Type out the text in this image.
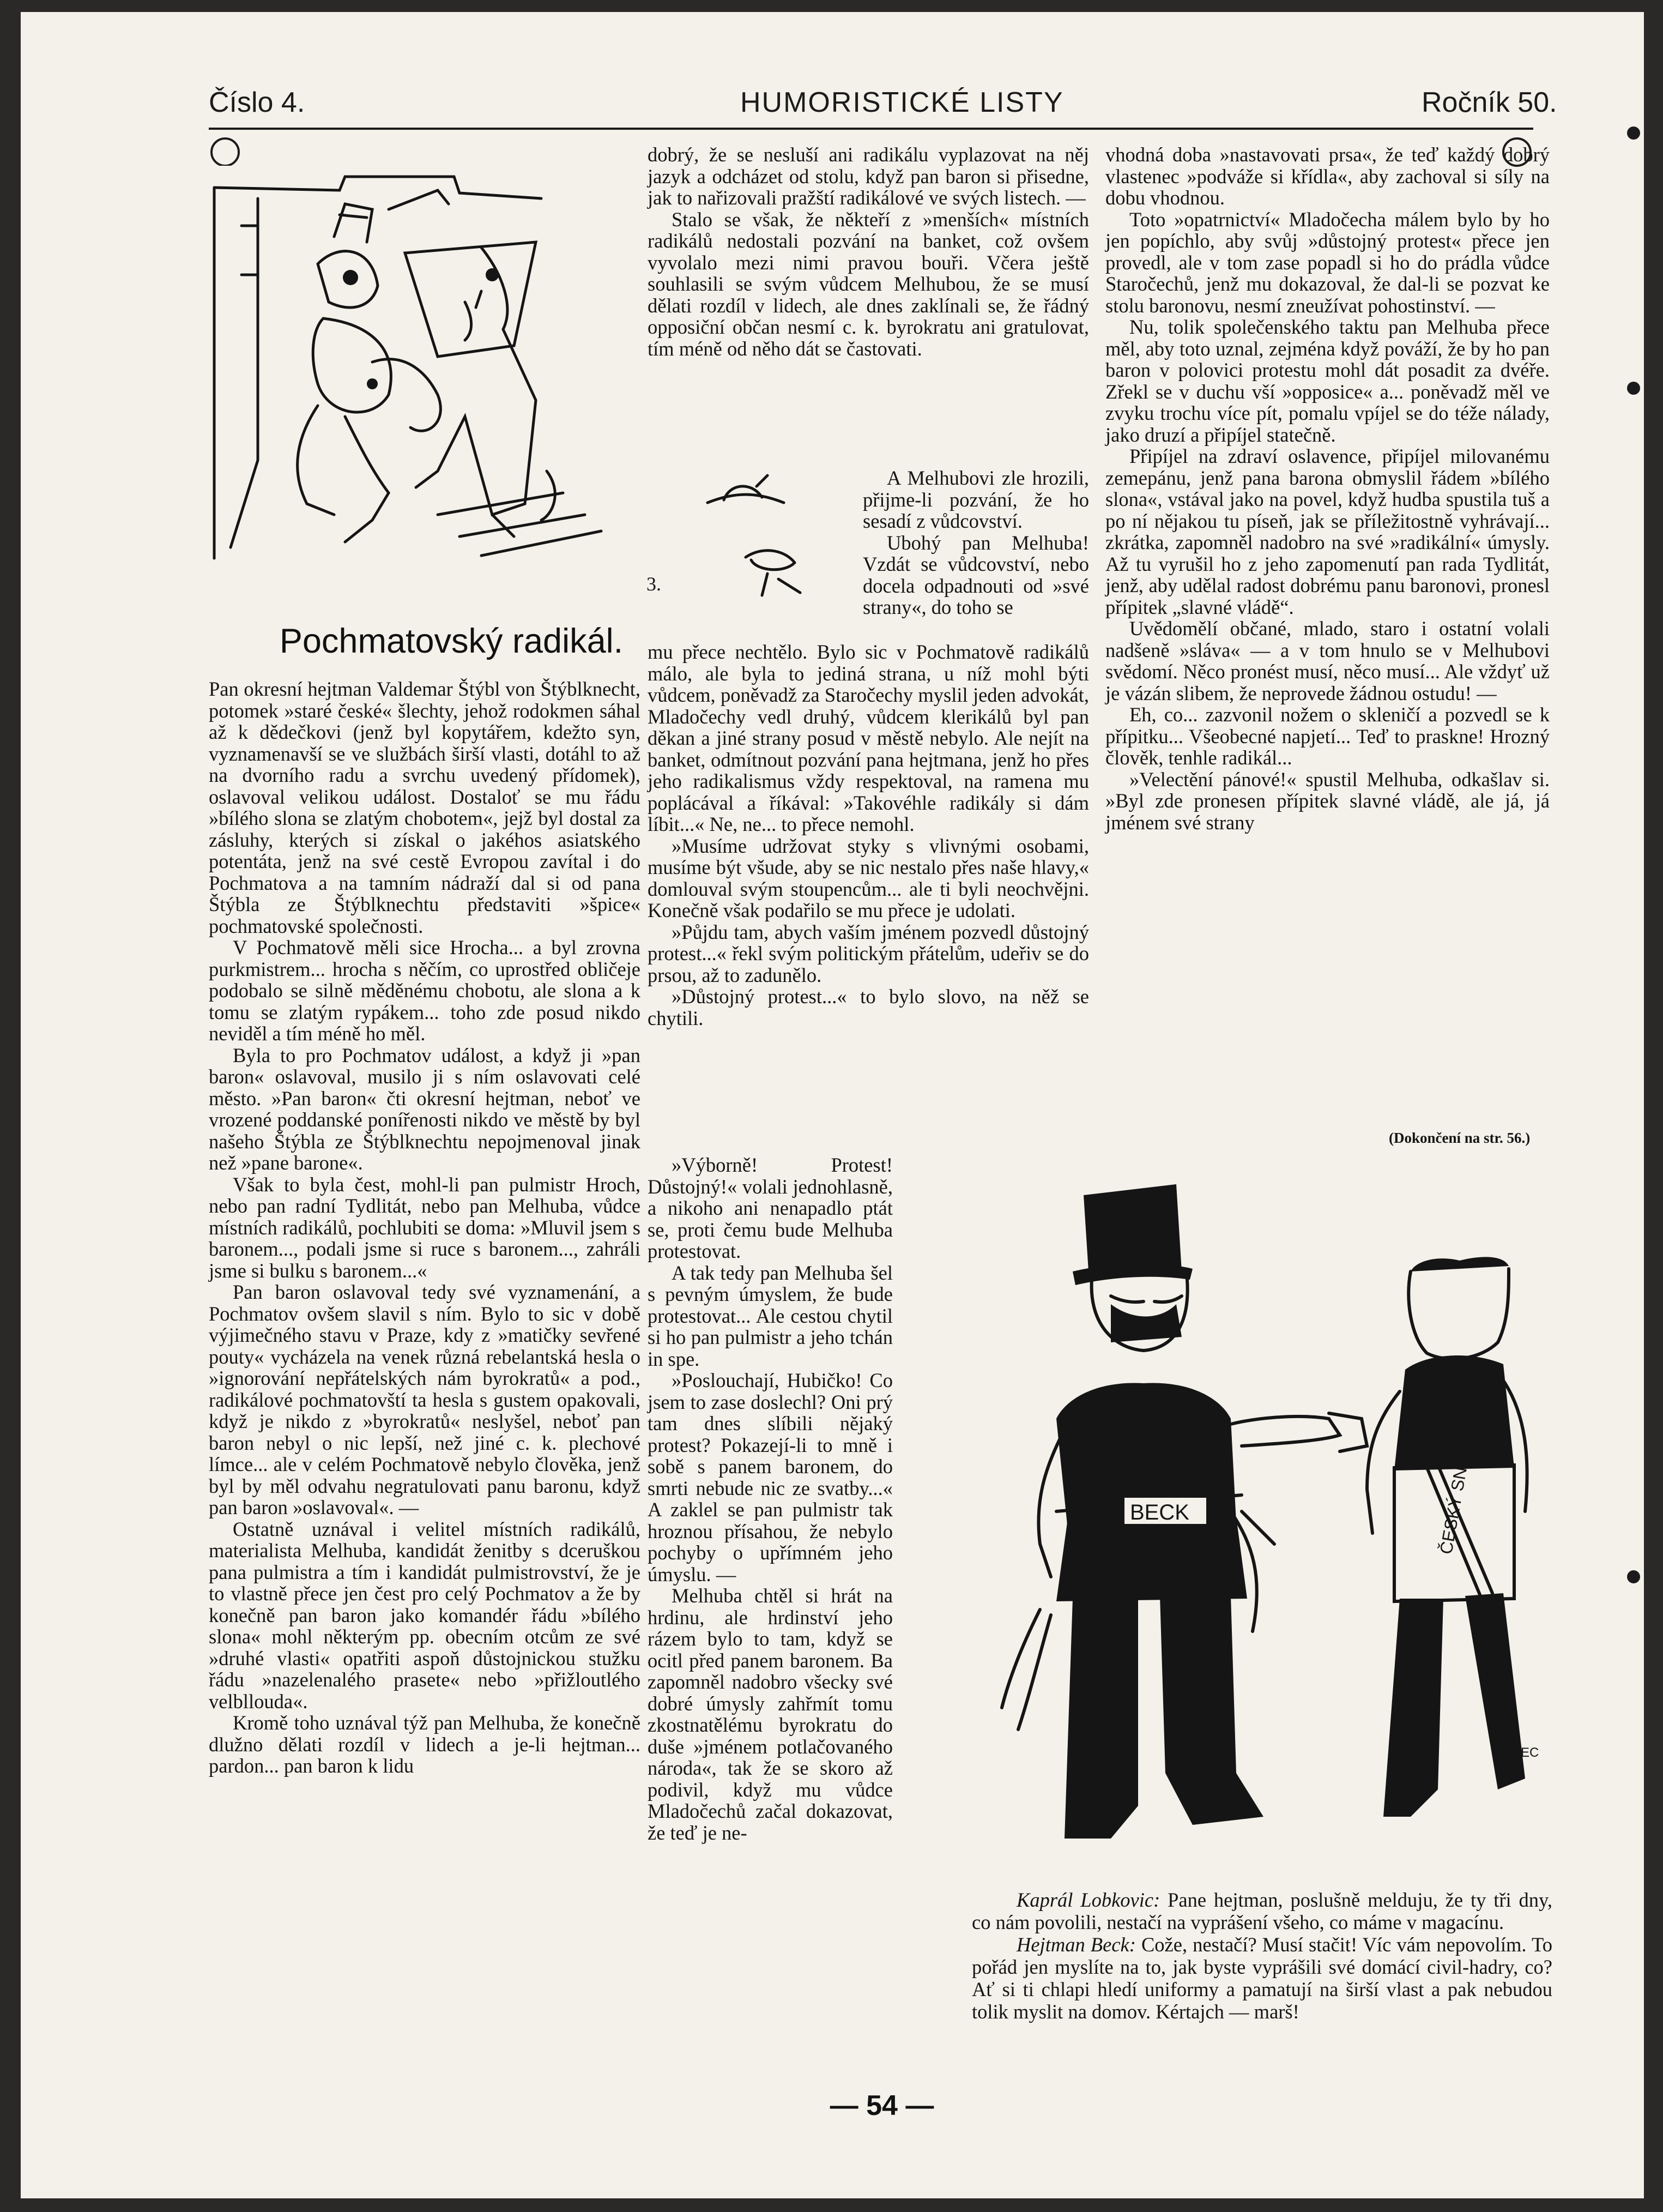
Číslo 4.	HUMORISTICKÉ LISTY	Ročník 50.
3.
Pochmatovský radikál.

Pan okresní hejtman Valdemar Štýbl von Štýblknecht, potomek »staré české« šlechty, jehož rodokmen sáhal až k dědečkovi (jenž byl kopytářem, kdežto syn, vyznamenavší se ve službách širší vlasti, dotáhl to až na dvorního radu a svrchu uvedený přídomek), oslavoval velikou událost. Dostaloť se mu řádu »bílého slona se zlatým chobotem«, jejž byl dostal za zásluhy, kterých si získal o jakéhos asiatského potentáta, jenž na své cestě Evropou zavítal i do Pochmatova a na tamním nádraží dal si od pana Štýbla ze Štýblknechtu představiti »špice« pochmatovské společnosti.

V Pochmatově měli sice Hrocha... a byl zrovna purkmistrem... hrocha s něčím, co uprostřed obličeje podobalo se silně měděnému chobotu, ale slona a k tomu se zlatým rypákem... toho zde posud nikdo neviděl a tím méně ho měl.

Byla to pro Pochmatov událost, a když ji »pan baron« oslavoval, musilo ji s ním oslavovati celé město. »Pan baron« čti okresní hejtman, neboť ve vrozené poddanské ponířenosti nikdo ve městě by byl našeho Štýbla ze Štýblknechtu nepojmenoval jinak než »pane barone«.

Však to byla čest, mohl-li pan pulmistr Hroch, nebo pan radní Tydlitát, nebo pan Melhuba, vůdce místních radikálů, pochlubiti se doma: »Mluvil jsem s baronem..., podali jsme si ruce s baronem..., zahráli jsme si bulku s baronem...«

Pan baron oslavoval tedy své vyznamenání, a Pochmatov ovšem slavil s ním. Bylo to sic v době výjimečného stavu v Praze, kdy z »matičky sevřené pouty« vycházela na venek různá rebelantská hesla o »ignorování nepřátelských nám byrokratů« a pod., radikálové pochmatovští ta hesla s gustem opakovali, když je nikdo z »byrokratů« neslyšel, neboť pan baron nebyl o nic lepší, než jiné c. k. plechové límce... ale v celém Pochmatově nebylo člověka, jenž byl by měl odvahu negratulovati panu baronu, když pan baron »oslavoval«. —

Ostatně uznával i velitel místních radikálů, materialista Melhuba, kandidát ženitby s dceruškou pana pulmistra a tím i kandidát pulmistrovství, že je to vlastně přece jen čest pro celý Pochmatov a že by konečně pan baron jako komandér řádu »bílého slona« mohl některým pp. obecním otcům ze své »druhé vlasti« opatřiti aspoň důstojnickou stužku řádu »nazelenalého prasete« nebo »přižloutlého velbllouda«.

Kromě toho uznával týž pan Melhuba, že konečně dlužno dělati rozdíl v lidech a je-li hejtman... pardon... pan baron k lidu

dobrý, že se nesluší ani radikálu vyplazovat na něj jazyk a odcházet od stolu, když pan baron si přisedne, jak to nařizovali pražští radikálové ve svých listech. —

Stalo se však, že někteří z »menších« místních radikálů nedostali pozvání na banket, což ovšem vyvolalo mezi nimi pravou bouři. Včera ještě souhlasili se svým vůdcem Melhubou, že se musí dělati rozdíl v lidech, ale dnes zaklínali se, že řádný opposiční občan nesmí c. k. byrokratu ani gratulovat, tím méně od něho dát se častovati.

A Melhubovi zle hrozili, přijme-li pozvání, že ho sesadí z vůdcovství.

Ubohý pan Melhuba! Vzdát se vůdcovství, nebo docela odpadnouti od »své strany«, do toho se

mu přece nechtělo. Bylo sic v Pochmatově radikálů málo, ale byla to jediná strana, u níž mohl býti vůdcem, poněvadž za Staročechy myslil jeden advokát, Mladočechy vedl druhý, vůdcem klerikálů byl pan děkan a jiné strany posud v městě nebylo. Ale nejít na banket, odmítnout pozvání pana hejtmana, jenž ho přes jeho radikalismus vždy respektoval, na ramena mu poplácával a říkával: »Takovéhle radikály si dám líbit...« Ne, ne... to přece nemohl.

»Musíme udržovat styky s vlivnými osobami, musíme být všude, aby se nic nestalo přes naše hlavy,« domlouval svým stoupencům... ale ti byli neochvějni. Konečně však podařilo se mu přece je udolati.

»Půjdu tam, abych vaším jménem pozvedl důstojný protest...« řekl svým politickým přátelům, udeřiv se do prsou, až to zadunělo.

»Důstojný protest...« to bylo slovo, na něž se chytili.

»Výborně! Protest! Důstojný!« volali jednohlasně, a nikoho ani nenapadlo ptát se, proti čemu bude Melhuba protestovat.

A tak tedy pan Melhuba šel s pevným úmyslem, že bude protestovat... Ale cestou chytil si ho pan pulmistr a jeho tchán in spe.

»Poslouchají, Hubičko! Co jsem to zase doslechl? Oni prý tam dnes slíbili nějaký protest? Pokazejí-li to mně i sobě s panem baronem, do smrti nebude nic ze svatby...« A zaklel se pan pulmistr tak hroznou přísahou, že nebylo pochyby o upřímném jeho úmyslu. —

Melhuba chtěl si hrát na hrdinu, ale hrdinství jeho rázem bylo to tam, když se ocitl před panem baronem. Ba zapomněl nadobro všecky své dobré úmysly zahřmít tomu zkostnatělému byrokratu do duše »jménem potlačovaného národa«, tak že se skoro až podivil, když mu vůdce Mladočechů začal dokazovat, že teď je ne-

vhodná doba »nastavovati prsa«, že teď každý dobrý vlastenec »podváže si křídla«, aby zachoval si síly na dobu vhodnou.

Toto »opatrnictví« Mladočecha málem bylo by ho jen popíchlo, aby svůj »důstojný protest« přece jen provedl, ale v tom zase popadl si ho do prádla vůdce Staročechů, jenž mu dokazoval, že dal-li se pozvat ke stolu baronovu, nesmí zneužívat pohostinství. —

Nu, tolik společenského taktu pan Melhuba přece měl, aby toto uznal, zejména když pováží, že by ho pan baron v polovici protestu mohl dát posadit za dvéře. Zřekl se v duchu vší »opposice« a... poněvadž měl ve zvyku trochu více pít, pomalu vpíjel se do téže nálady, jako druzí a připíjel statečně.

Připíjel na zdraví oslavence, připíjel milovanému zemepánu, jenž pana barona obmyslil řádem »bílého slona«, vstával jako na povel, když hudba spustila tuš a po ní nějakou tu píseň, jak se příležitostně vyhrávají... zkrátka, zapomněl nadobro na své »radikální« úmysly. Až tu vyrušil ho z jeho zapomenutí pan rada Tydlitát, jenž, aby udělal radost dobrému panu baronovi, pronesl přípitek „slavné vládě“.

Uvědomělí občané, mlado, staro i ostatní volali nadšeně »sláva« — a v tom hnulo se v Melhubovi svědomí. Něco pronést musí, něco musí... Ale vždyť už je vázán slibem, že neprovede žádnou ostudu! —

Eh, co... zazvonil nožem o skleničí a pozvedl se k přípitku... Všeobecné napjetí... Teď to praskne! Hrozný člověk, tenhle radikál...

»Velectění pánové!« spustil Melhuba, odkašlav si. »Byl zde pronesen přípitek slavné vládě, ale já, já jménem své strany

(Dokončení na str. 56.)
BECK	ČESKÝ SNĚM
HUDEC

Kaprál Lobkovic: Pane hejtman, poslušně melduju, že ty tři dny, co nám povolili, nestačí na vyprášení všeho, co máme v magacínu.

Hejtman Beck: Cože, nestačí? Musí stačit! Víc vám nepovolím. To pořád jen myslíte na to, jak byste vyprášili své domácí civil-hadry, co? Ať si ti chlapi hledí uniformy a pamatují na širší vlast a pak nebudou tolik myslit na domov. Kértajch — marš!

— 54 —
